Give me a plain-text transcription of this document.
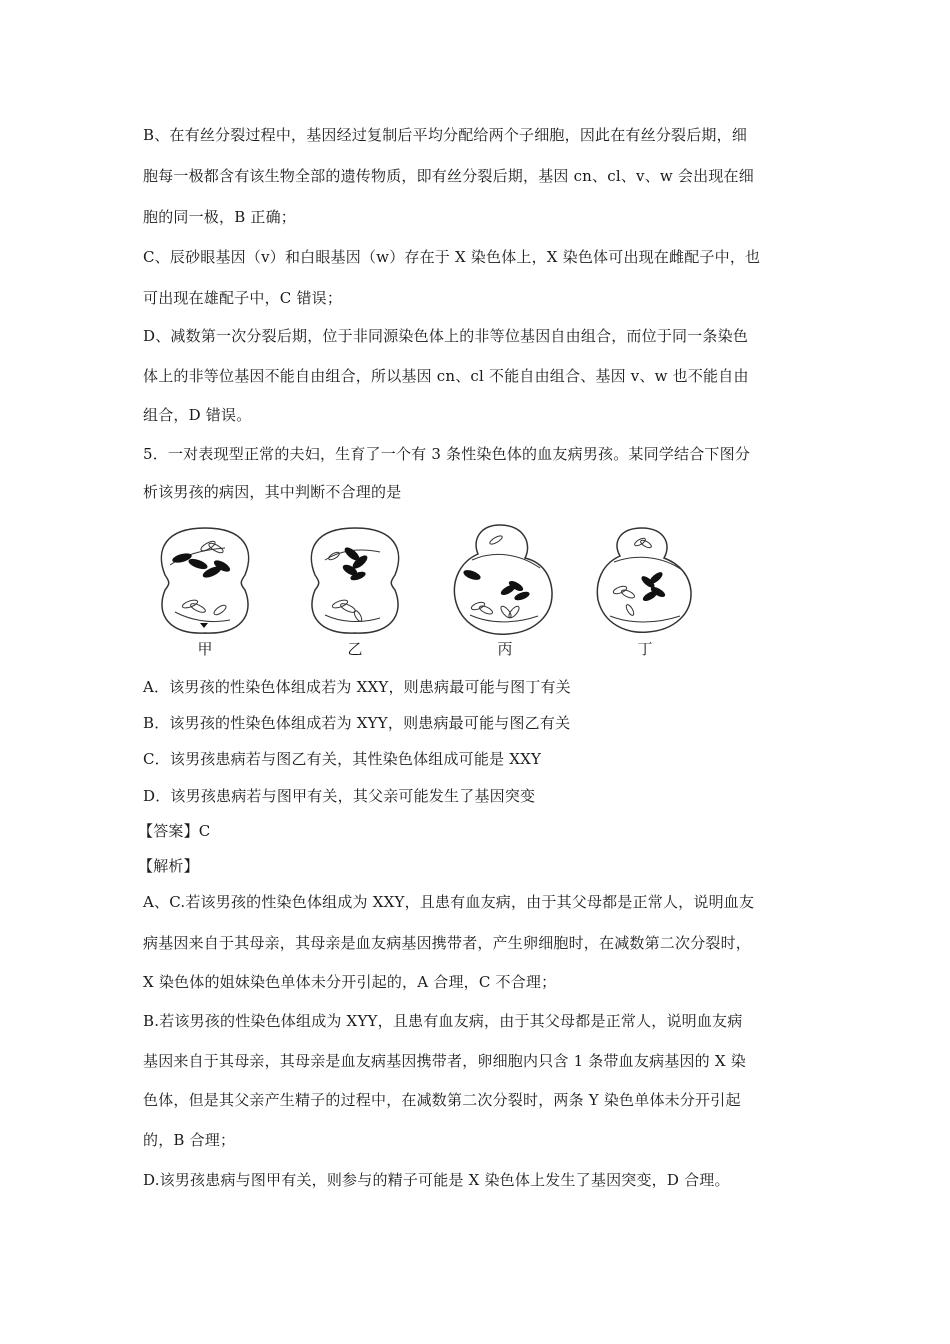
B、在有丝分裂过程中，基因经过复制后平均分配给两个子细胞，因此在有丝分裂后期，细
胞每一极都含有该生物全部的遗传物质，即有丝分裂后期，基因 cn、cl、v、w 会出现在细
胞的同一极，B 正确；
C、辰砂眼基因（v）和白眼基因（w）存在于 X 染色体上，X 染色体可出现在雌配子中，也
可出现在雄配子中，C 错误；
D、减数第一次分裂后期，位于非同源染色体上的非等位基因自由组合，而位于同一条染色
体上的非等位基因不能自由组合，所以基因 cn、cl 不能自由组合、基因 v、w 也不能自由
组合，D 错误。
5．一对表现型正常的夫妇，生育了一个有 3 条性染色体的血友病男孩。某同学结合下图分
析该男孩的病因，其中判断不合理的是
甲	乙	丙	丁
A．该男孩的性染色体组成若为 XXY，则患病最可能与图丁有关
B．该男孩的性染色体组成若为 XYY，则患病最可能与图乙有关
C．该男孩患病若与图乙有关，其性染色体组成可能是 XXY
D．该男孩患病若与图甲有关，其父亲可能发生了基因突变
【答案】C
【解析】
A、C.若该男孩的性染色体组成为 XXY，且患有血友病，由于其父母都是正常人，说明血友
病基因来自于其母亲，其母亲是血友病基因携带者，产生卵细胞时，在减数第二次分裂时，
X 染色体的姐妹染色单体未分开引起的，A 合理，C 不合理；
B.若该男孩的性染色体组成为 XYY，且患有血友病，由于其父母都是正常人，说明血友病
基因来自于其母亲，其母亲是血友病基因携带者，卵细胞内只含 1 条带血友病基因的 X 染
色体，但是其父亲产生精子的过程中，在减数第二次分裂时，两条 Y 染色单体未分开引起
的，B 合理；
D.该男孩患病与图甲有关，则参与的精子可能是 X 染色体上发生了基因突变，D 合理。
